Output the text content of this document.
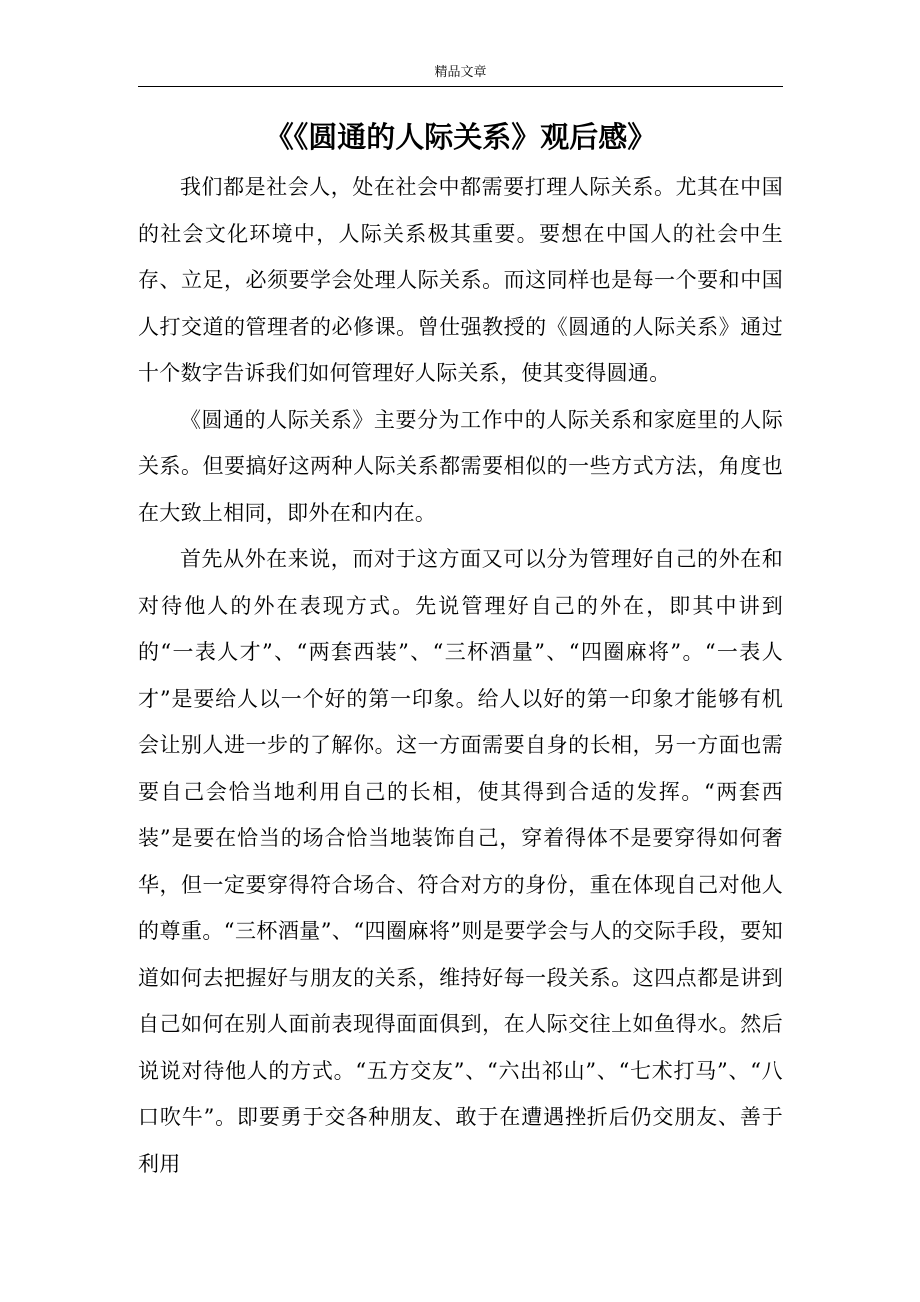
精品文章
《《圆通的人际关系》观后感》

我们都是社会人，处在社会中都需要打理人际关系。尤其在中国的社会文化环境中，人际关系极其重要。要想在中国人的社会中生存、立足，必须要学会处理人际关系。而这同样也是每一个要和中国人打交道的管理者的必修课。曾仕强教授的《圆通的人际关系》通过十个数字告诉我们如何管理好人际关系，使其变得圆通。

《圆通的人际关系》主要分为工作中的人际关系和家庭里的人际关系。但要搞好这两种人际关系都需要相似的一些方式方法，角度也在大致上相同，即外在和内在。

首先从外在来说，而对于这方面又可以分为管理好自己的外在和对待他人的外在表现方式。先说管理好自己的外在，即其中讲到的“一表人才”、“两套西装”、“三杯酒量”、“四圈麻将”。“一表人才”是要给人以一个好的第一印象。给人以好的第一印象才能够有机会让别人进一步的了解你。这一方面需要自身的长相，另一方面也需要自己会恰当地利用自己的长相，使其得到合适的发挥。“两套西装”是要在恰当的场合恰当地装饰自己，穿着得体不是要穿得如何奢华，但一定要穿得符合场合、符合对方的身份，重在体现自己对他人的尊重。“三杯酒量”、“四圈麻将”则是要学会与人的交际手段，要知道如何去把握好与朋友的关系，维持好每一段关系。这四点都是讲到自己如何在别人面前表现得面面俱到，在人际交往上如鱼得水。然后说说对待他人的方式。“五方交友”、“六出祁山”、“七术打马”、“八口吹牛”。即要勇于交各种朋友、敢于在遭遇挫折后仍交朋友、善于利用
